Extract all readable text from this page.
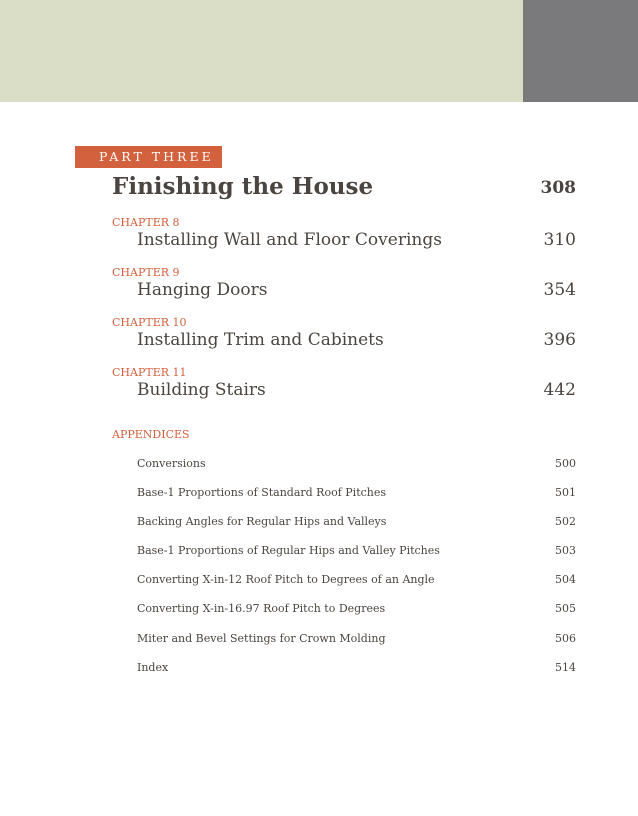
PART THREE
Finishing the House	308
CHAPTER 8
Installing Wall and Floor Coverings	310
CHAPTER 9
Hanging Doors	354
CHAPTER 10
Installing Trim and Cabinets	396
CHAPTER 11
Building Stairs	442
APPENDICES
Conversions	500
Base-1 Proportions of Standard Roof Pitches	501
Backing Angles for Regular Hips and Valleys	502
Base-1 Proportions of Regular Hips and Valley Pitches	503
Converting X-in-12 Roof Pitch to Degrees of an Angle	504
Converting X-in-16.97 Roof Pitch to Degrees	505
Miter and Bevel Settings for Crown Molding	506
Index	514
